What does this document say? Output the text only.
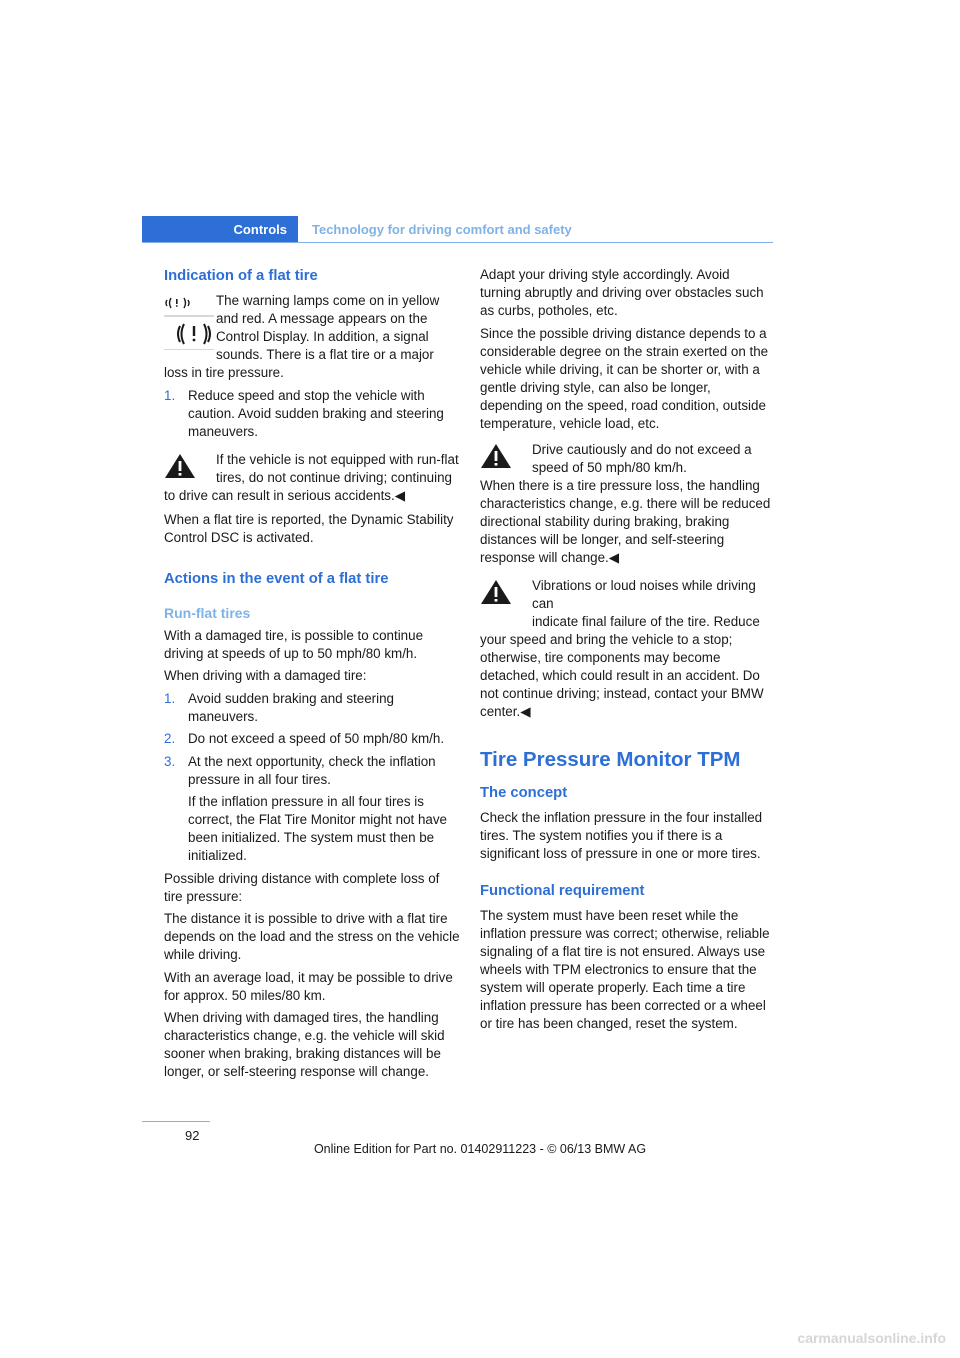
Controls	Technology for driving comfort and safety
Indication of a flat tire

The warning lamps come on in yellow

and red. A message appears on the

Control Display. In addition, a signal

sounds. There is a flat tire or a major

loss in tire pressure.

1. Reduce speed and stop the vehicle with caution. Avoid sudden braking and steering maneuvers.

If the vehicle is not equipped with run-flat

tires, do not continue driving; continuing

to drive can result in serious accidents.◀

When a flat tire is reported, the Dynamic Stability Control DSC is activated.

Actions in the event of a flat tire
Run-flat tires

With a damaged tire, is possible to continue driving at speeds of up to 50 mph/80 km/h.

When driving with a damaged tire:

1. Avoid sudden braking and steering maneuvers.

2. Do not exceed a speed of 50 mph/80 km/h.

3. At the next opportunity, check the inflation pressure in all four tires.

If the inflation pressure in all four tires is correct, the Flat Tire Monitor might not have been initialized. The system must then be initialized.

Possible driving distance with complete loss of tire pressure:

The distance it is possible to drive with a flat tire depends on the load and the stress on the vehicle while driving.

With an average load, it may be possible to drive for approx. 50 miles/80 km.

When driving with damaged tires, the handling characteristics change, e.g. the vehicle will skid sooner when braking, braking distances will be longer, or self-steering response will change.

Adapt your driving style accordingly. Avoid turning abruptly and driving over obstacles such as curbs, potholes, etc.

Since the possible driving distance depends to a considerable degree on the strain exerted on the vehicle while driving, it can be shorter or, with a gentle driving style, can also be longer, depending on the speed, road condition, outside temperature, vehicle load, etc.

Drive cautiously and do not exceed a

speed of 50 mph/80 km/h.

When there is a tire pressure loss, the handling characteristics change, e.g. there will be reduced directional stability during braking, braking distances will be longer, and self-steering response will change.◀

Vibrations or loud noises while driving can

indicate final failure of the tire. Reduce

your speed and bring the vehicle to a stop; otherwise, tire components may become detached, which could result in an accident. Do not continue driving; instead, contact your BMW center.◀

Tire Pressure Monitor TPM
The concept

Check the inflation pressure in the four installed tires. The system notifies you if there is a significant loss of pressure in one or more tires.

Functional requirement

The system must have been reset while the inflation pressure was correct; otherwise, reliable signaling of a flat tire is not ensured. Always use wheels with TPM electronics to ensure that the system will operate properly. Each time a tire inflation pressure has been corrected or a wheel or tire has been changed, reset the system.

92
Online Edition for Part no. 01402911223 - © 06/13 BMW AG
carmanualsonline.info
